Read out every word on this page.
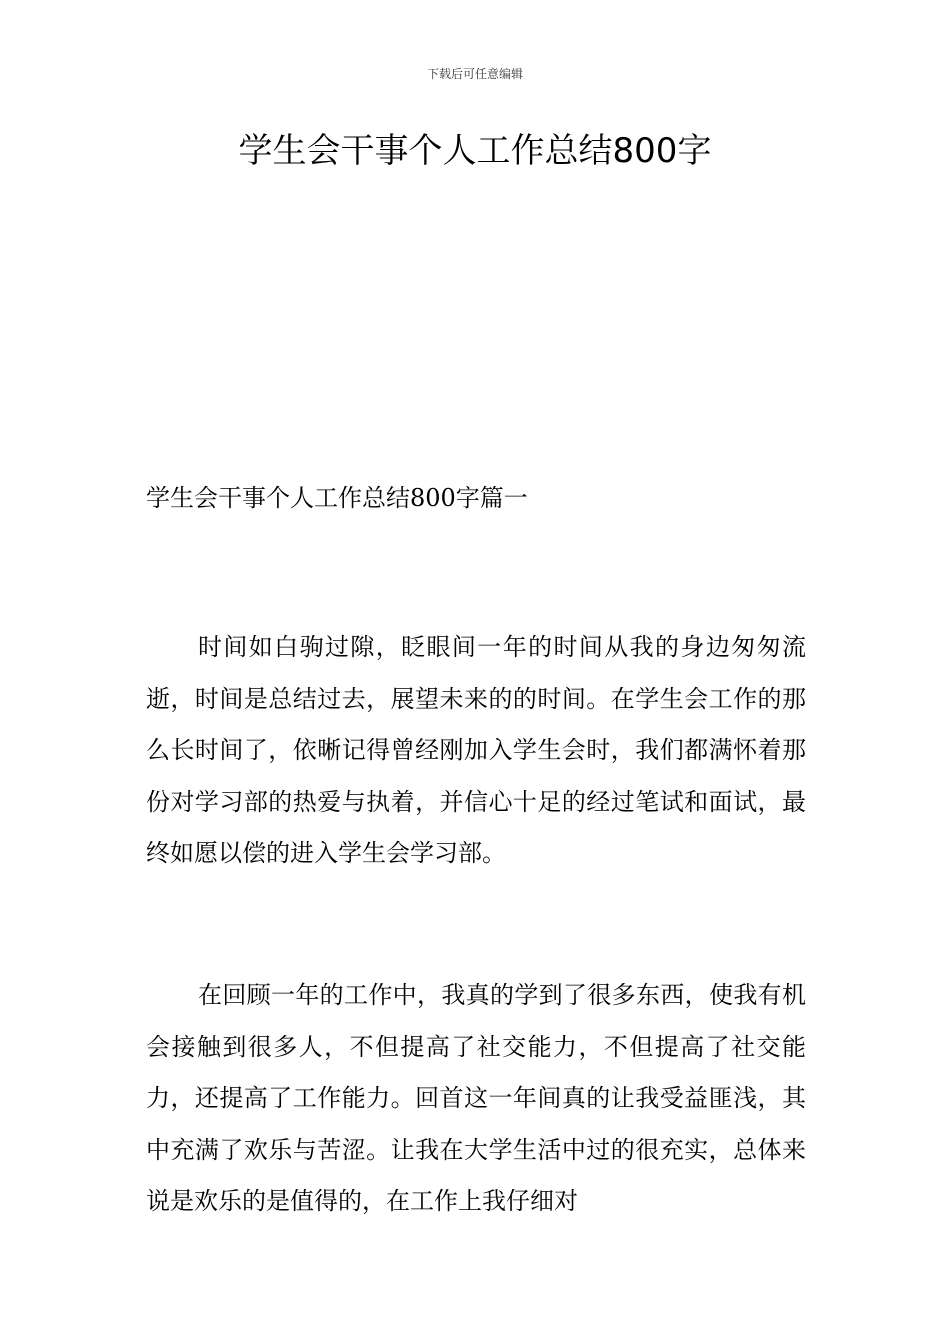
下载后可任意编辑
学生会干事个人工作总结800字
学生会干事个人工作总结800字篇一

时间如白驹过隙，眨眼间一年的时间从我的身边匆匆流逝，时间是总结过去，展望未来的的时间。在学生会工作的那么长时间了，依晰记得曾经刚加入学生会时，我们都满怀着那份对学习部的热爱与执着，并信心十足的经过笔试和面试，最终如愿以偿的进入学生会学习部。

在回顾一年的工作中，我真的学到了很多东西，使我有机会接触到很多人，不但提高了社交能力，不但提高了社交能力，还提高了工作能力。回首这一年间真的让我受益匪浅，其中充满了欢乐与苦涩。让我在大学生活中过的很充实，总体来说是欢乐的是值得的，在工作上我仔细对
